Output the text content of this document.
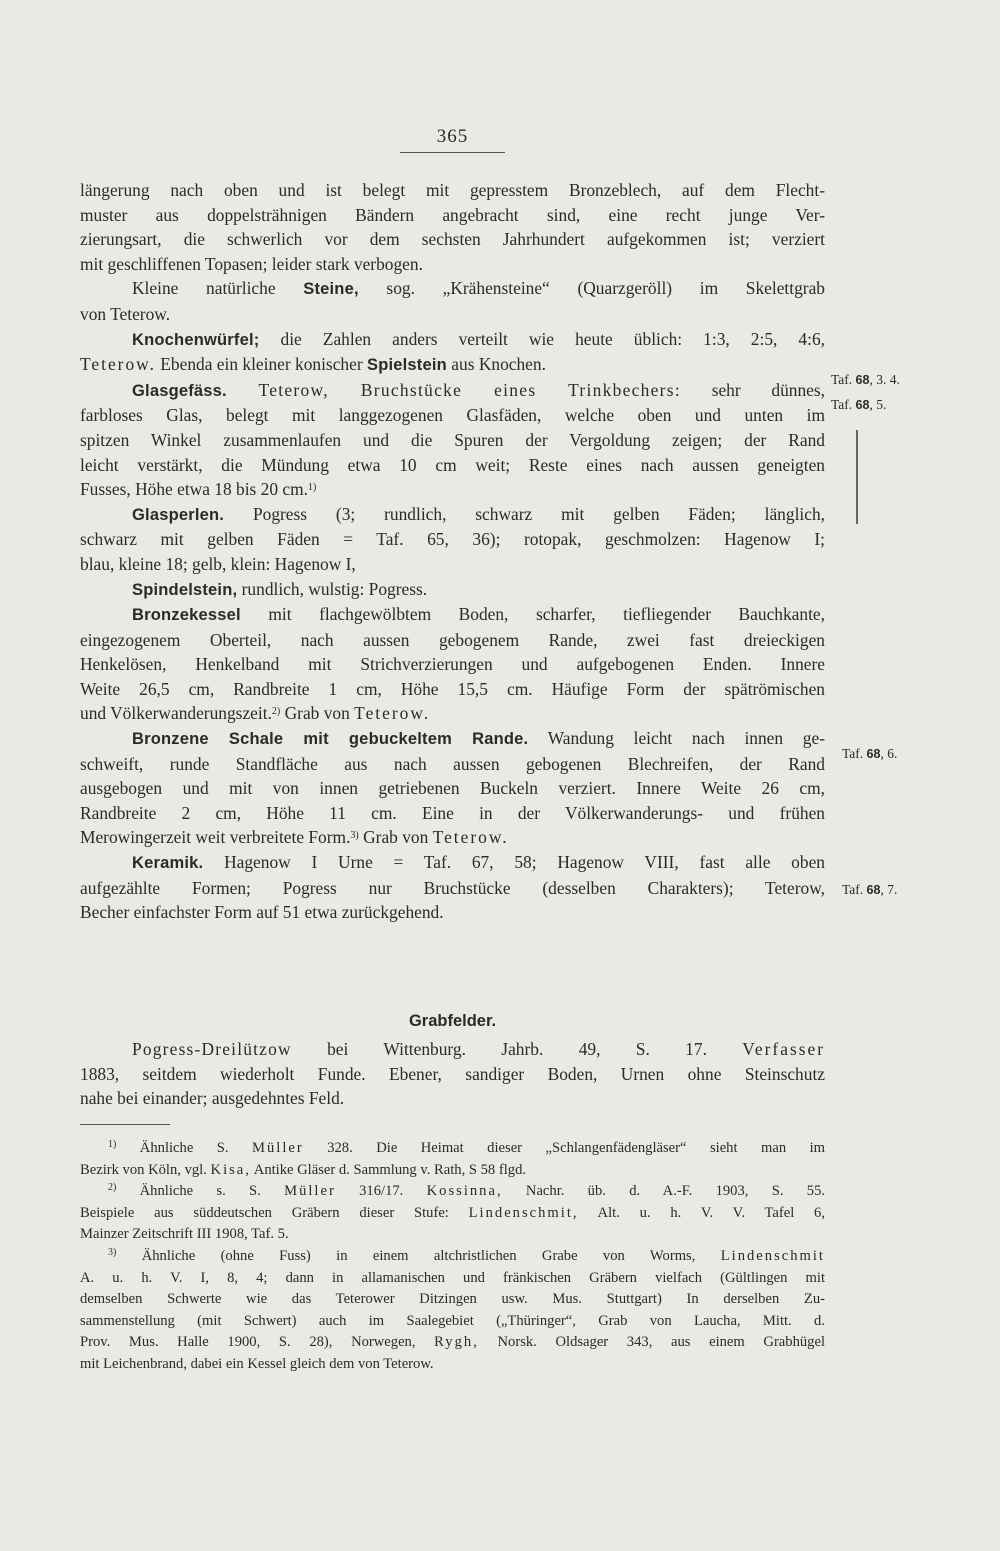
365

längerung nach oben und ist belegt mit gepresstem Bronzeblech, auf dem Flecht-
muster aus doppelsträhnigen Bändern angebracht sind, eine recht junge Ver-
zierungsart, die schwerlich vor dem sechsten Jahrhundert aufgekommen ist; verziert
mit geschliffenen Topasen; leider stark verbogen.

Kleine natürliche Steine, sog. „Krähensteine“ (Quarzgeröll) im Skelettgrab
von Teterow.

Knochenwürfel; die Zahlen anders verteilt wie heute üblich: 1:3, 2:5, 4:6,
Teterow. Ebenda ein kleiner konischer Spielstein aus Knochen.

Glasgefäss. Teterow, Bruchstücke eines Trinkbechers: sehr dünnes,
farbloses Glas, belegt mit langgezogenen Glasfäden, welche oben und unten im
spitzen Winkel zusammenlaufen und die Spuren der Vergoldung zeigen; der Rand
leicht verstärkt, die Mündung etwa 10 cm weit; Reste eines nach aussen geneigten
Fusses, Höhe etwa 18 bis 20 cm.$^{1)}$

Glasperlen. Pogress (3; rundlich, schwarz mit gelben Fäden; länglich,
schwarz mit gelben Fäden = Taf. 65, 36); rotopak, geschmolzen: Hagenow I;
blau, kleine 18; gelb, klein: Hagenow I,

Spindelstein, rundlich, wulstig: Pogress.

Bronzekessel mit flachgewölbtem Boden, scharfer, tiefliegender Bauchkante,
eingezogenem Oberteil, nach aussen gebogenem Rande, zwei fast dreieckigen
Henkelösen, Henkelband mit Strichverzierungen und aufgebogenen Enden. Innere
Weite 26,5 cm, Randbreite 1 cm, Höhe 15,5 cm. Häufige Form der spätrömischen
und Völkerwanderungszeit.$^{2)}$ Grab von Teterow.

Bronzene Schale mit gebuckeltem Rande. Wandung leicht nach innen ge-
schweift, runde Standfläche aus nach aussen gebogenen Blechreifen, der Rand
ausgebogen und mit von innen getriebenen Buckeln verziert. Innere Weite 26 cm,
Randbreite 2 cm, Höhe 11 cm. Eine in der Völkerwanderungs- und frühen
Merowingerzeit weit verbreitete Form.$^{3)}$ Grab von Teterow.

Keramik. Hagenow I Urne = Taf. 67, 58; Hagenow VIII, fast alle oben
aufgezählte Formen; Pogress nur Bruchstücke (desselben Charakters); Teterow,
Becher einfachster Form auf 51 etwa zurückgehend.

Taf. 68, 3. 4.
Taf. 68, 5.
Taf. 68, 6.
Taf. 68, 7.
Grabfelder.

Pogress-Dreilützow bei Wittenburg. Jahrb. 49, S. 17. Verfasser
1883, seitdem wiederholt Funde. Ebener, sandiger Boden, Urnen ohne Steinschutz
nahe bei einander; ausgedehntes Feld.

$^{1)}$ Ähnliche S. Müller 328. Die Heimat dieser „Schlangenfädengläser“ sieht man im
Bezirk von Köln, vgl. Kisa, Antike Gläser d. Sammlung v. Rath, S 58 flgd.
$^{2)}$ Ähnliche s. S. Müller 316/17. Kossinna, Nachr. üb. d. A.-F. 1903, S. 55.
Beispiele aus süddeutschen Gräbern dieser Stufe: Lindenschmit, Alt. u. h. V. V. Tafel 6,
Mainzer Zeitschrift III 1908, Taf. 5.
$^{3)}$ Ähnliche (ohne Fuss) in einem altchristlichen Grabe von Worms, Lindenschmit
A. u. h. V. I, 8, 4; dann in allamanischen und fränkischen Gräbern vielfach (Gültlingen mit
demselben Schwerte wie das Teterower Ditzingen usw. Mus. Stuttgart) In derselben Zu-
sammenstellung (mit Schwert) auch im Saalegebiet („Thüringer“, Grab von Laucha, Mitt. d.
Prov. Mus. Halle 1900, S. 28), Norwegen, Rygh, Norsk. Oldsager 343, aus einem Grabhügel
mit Leichenbrand, dabei ein Kessel gleich dem von Teterow.
